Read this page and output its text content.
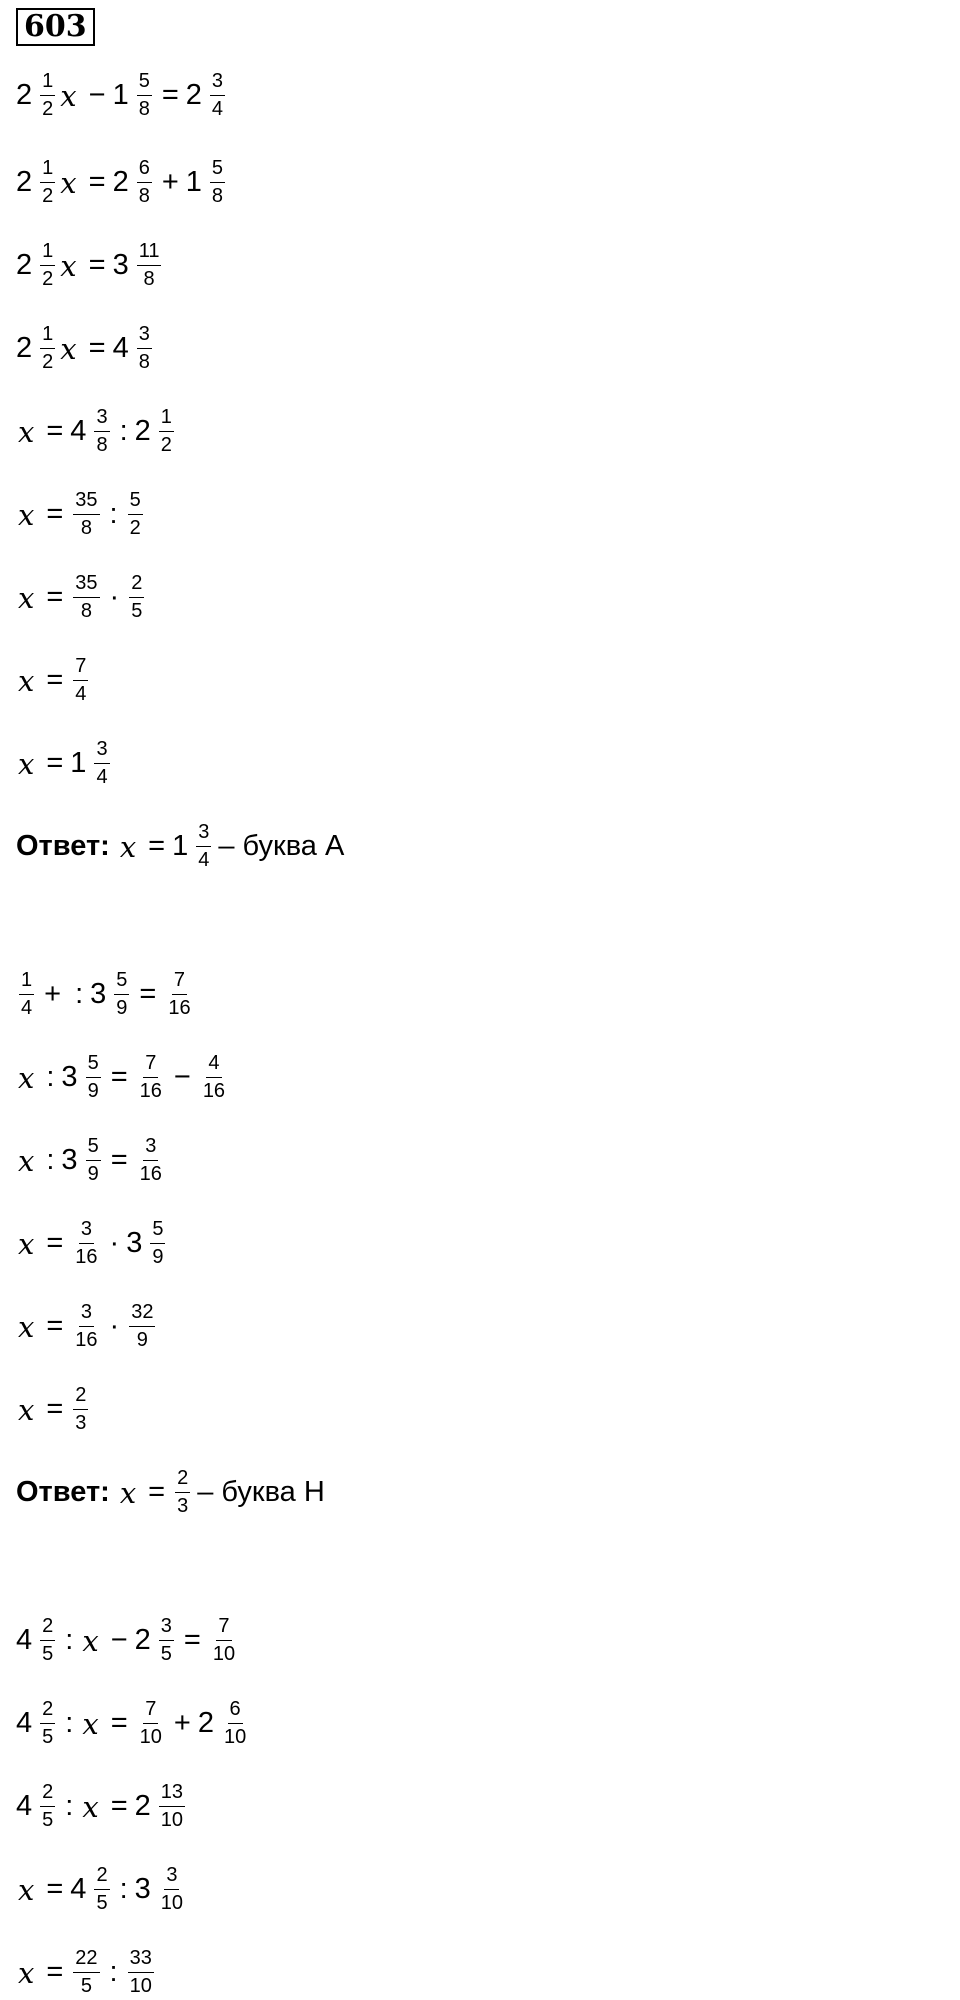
603
$2 \frac{1}{2}$ $x - 1 \frac{5}{8} = 2 \frac{3}{4}$
$2 \frac{1}{2}$ $x = 2 \frac{6}{8} + 1 \frac{5}{8}$
$2 \frac{1}{2}$ $x = 3 \frac{11}{8}$
$2 \frac{1}{2}$ $x = 4 \frac{3}{8}$
$x = 4 \frac{3}{8}$ : $2 \frac{1}{2}$
$x = \frac{35}{8}$ : $\frac{5}{2}$
$x = \frac{35}{8} \cdot \frac{2}{5}$
$x = \frac{7}{4}$
$x = 1 \frac{3}{4}$
Ответ: $x = 1 \frac{3}{4}$ – буква А
$\frac{1}{4}$ + : $3 \frac{5}{9} = \frac{7}{16}$
x : $3 \frac{5}{9} = \frac{7}{16} - \frac{4}{16}$
x : $3 \frac{5}{9} = \frac{3}{16}$
$x = \frac{3}{16} \cdot 3 \frac{5}{9}$
$x = \frac{3}{16} \cdot \frac{32}{9}$
$x = \frac{2}{3}$
Ответ: $x = \frac{2}{3}$ – буква Н
$4 \frac{2}{5}$ : $x - 2 \frac{3}{5} = \frac{7}{10}$
$4 \frac{2}{5}$ : $x = \frac{7}{10} + 2 \frac{6}{10}$
$4 \frac{2}{5}$ : $x = 2 \frac{13}{10}$
$x = 4 \frac{2}{5}$ : $3 \frac{3}{10}$
$x = \frac{22}{5}$ : $\frac{33}{10}$
